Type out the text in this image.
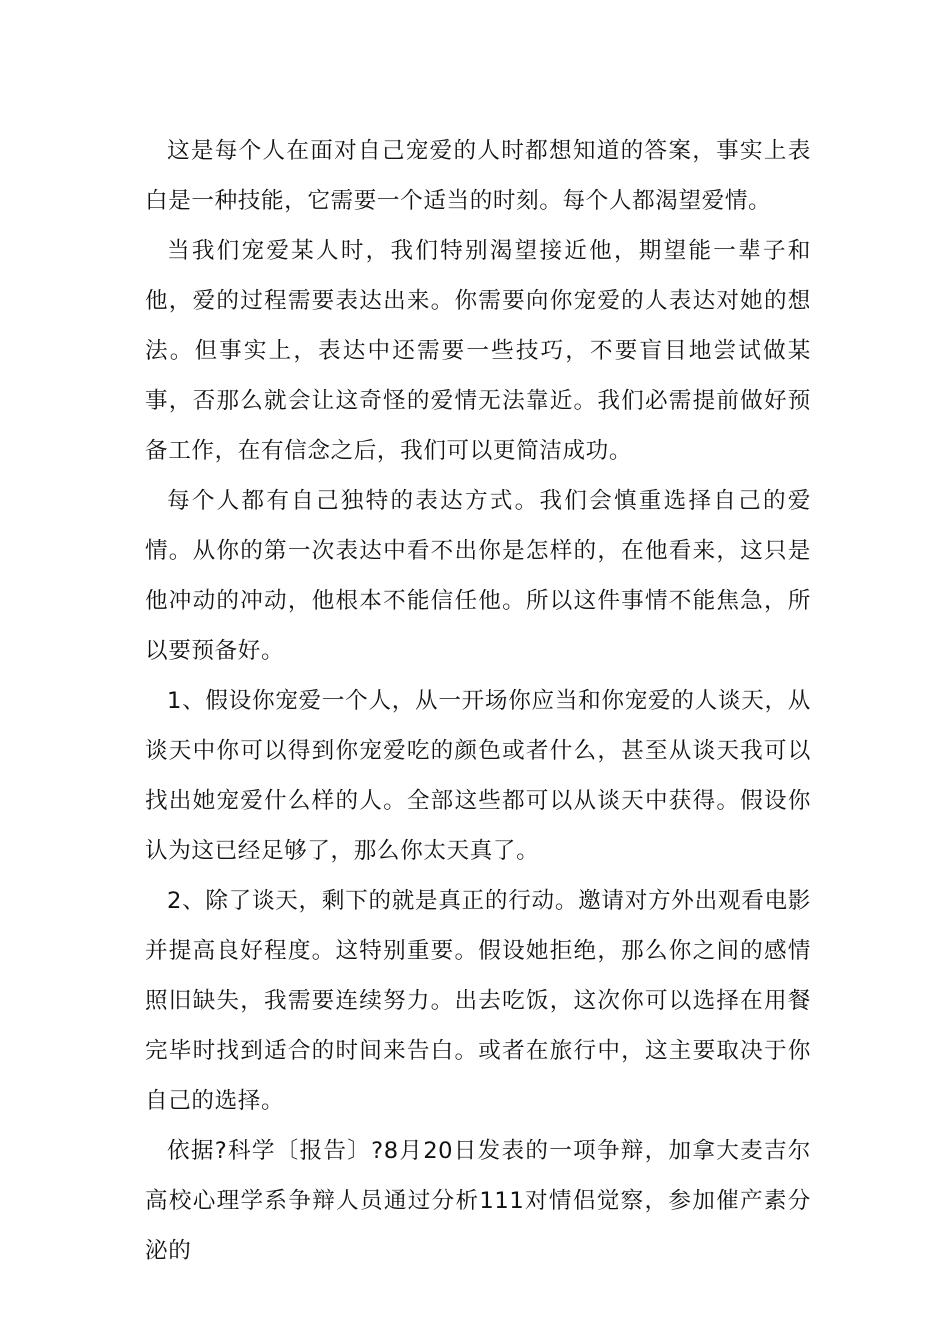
这是每个人在面对自己宠爱的人时都想知道的答案，事实上表白是一种技能，它需要一个适当的时刻。每个人都渴望爱情。

当我们宠爱某人时，我们特别渴望接近他，期望能一辈子和他，爱的过程需要表达出来。你需要向你宠爱的人表达对她的想法。但事实上，表达中还需要一些技巧，不要盲目地尝试做某事，否那么就会让这奇怪的爱情无法靠近。我们必需提前做好预备工作，在有信念之后，我们可以更简洁成功。

每个人都有自己独特的表达方式。我们会慎重选择自己的爱情。从你的第一次表达中看不出你是怎样的，在他看来，这只是他冲动的冲动，他根本不能信任他。所以这件事情不能焦急，所以要预备好。

1、假设你宠爱一个人，从一开场你应当和你宠爱的人谈天，从谈天中你可以得到你宠爱吃的颜色或者什么，甚至从谈天我可以找出她宠爱什么样的人。全部这些都可以从谈天中获得。假设你认为这已经足够了，那么你太天真了。

2、除了谈天，剩下的就是真正的行动。邀请对方外出观看电影并提高良好程度。这特别重要。假设她拒绝，那么你之间的感情照旧缺失，我需要连续努力。出去吃饭，这次你可以选择在用餐完毕时找到适合的时间来告白。或者在旅行中，这主要取决于你自己的选择。

依据?科学〔报告〕?8月20日发表的一项争辩，加拿大麦吉尔高校心理学系争辩人员通过分析111对情侣觉察，参加催产素分泌的
